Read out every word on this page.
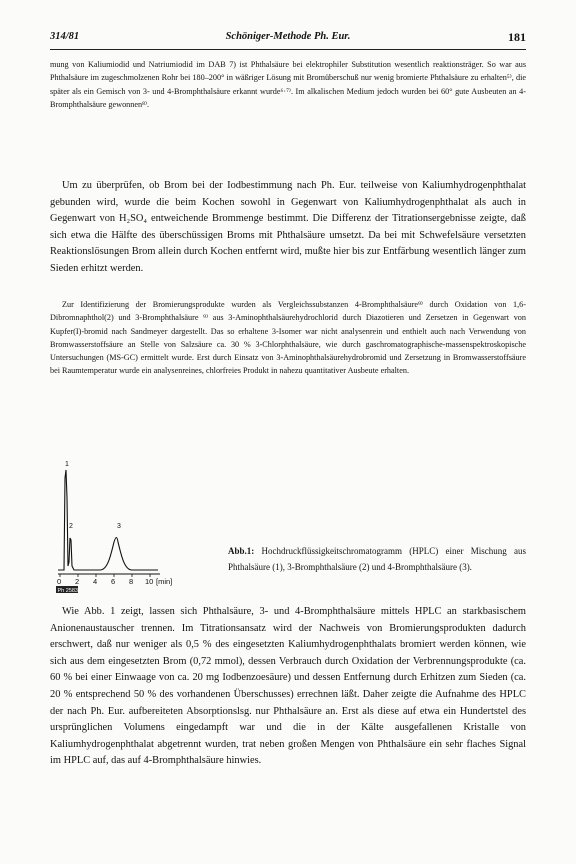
314/81	Schöniger-Methode Ph. Eur.	181

mung von Kaliumiodid und Natriumiodid im DAB 7) ist Phthalsäure bei elektrophiler Substitution wesentlich reaktionsträger. So war aus Phthalsäure im zugeschmolzenen Rohr bei 180–200° in wäßriger Lösung mit Bromüberschuß nur wenig bromierte Phthalsäure zu erhalten⁵⁾, die später als ein Gemisch von 3- und 4-Bromphthalsäure erkannt wurde⁶·⁷⁾. Im alkalischen Medium jedoch wurden bei 60° gute Ausbeuten an 4-Bromphthalsäure gewonnen⁸⁾.

Um zu überprüfen, ob Brom bei der Iodbestimmung nach Ph. Eur. teilweise von Kaliumhydrogenphthalat gebunden wird, wurde die beim Kochen sowohl in Gegenwart von Kaliumhydrogenphthalat als auch in Gegenwart von H₂SO₄ entweichende Brommenge bestimmt. Die Differenz der Titrationsergebnisse zeigte, daß sich etwa die Hälfte des überschüssigen Broms mit Phthalsäure umsetzt. Da bei mit Schwefelsäure versetzten Reaktionslösungen Brom allein durch Kochen entfernt wird, mußte hier bis zur Entfärbung wesentlich länger zum Sieden erhitzt werden.

Zur Identifizierung der Bromierungsprodukte wurden als Vergleichssubstanzen 4-Bromphthalsäure⁹⁾ durch Oxidation von 1,6-Dibromnaphthol(2) und 3-Bromphthalsäure ⁹⁾ aus 3-Aminophthalsäurehydrochlorid durch Diazotieren und Zersetzen in Gegenwart von Kupfer(I)-bromid nach Sandmeyer dargestellt. Das so erhaltene 3-Isomer war nicht analysenrein und enthielt auch nach Verwendung von Bromwasserstoffsäure an Stelle von Salzsäure ca. 30 % 3-Chlorphthalsäure, wie durch gaschromatographische-massenspektroskopische Untersuchungen (MS-GC) ermittelt wurde. Erst durch Einsatz von 3-Aminophthalsäurehydrobromid und Zersetzung in Bromwasserstoffsäure bei Raumtemperatur wurde ein analysenreines, chlorfreies Produkt in nahezu quantitativer Ausbeute erhalten.

1
2	3
0 2 4 6 8 10 [min]
Ph 2583

Abb.1: Hochdruckflüssigkeitschromatogramm (HPLC) einer Mischung aus Phthalsäure (1), 3-Bromphthalsäure (2) und 4-Bromphthalsäure (3).

Wie Abb. 1 zeigt, lassen sich Phthalsäure, 3- und 4-Bromphthalsäure mittels HPLC an starkbasischem Anionenaustauscher trennen. Im Titrationsansatz wird der Nachweis von Bromierungsprodukten dadurch erschwert, daß nur weniger als 0,5 % des eingesetzten Kaliumhydrogenphthalats bromiert werden können, wie sich aus dem eingesetzten Brom (0,72 mmol), dessen Verbrauch durch Oxidation der Verbrennungsprodukte (ca. 60 % bei einer Einwaage von ca. 20 mg Iodbenzoesäure) und dessen Entfernung durch Erhitzen zum Sieden (ca. 20 % entsprechend 50 % des vorhandenen Überschusses) errechnen läßt. Daher zeigte die Aufnahme des HPLC der nach Ph. Eur. aufbereiteten Absorptionslsg. nur Phthalsäure an. Erst als diese auf etwa ein Hundertstel des ursprünglichen Volumens eingedampft war und die in der Kälte ausgefallenen Kristalle von Kaliumhydrogenphthalat abgetrennt wurden, trat neben großen Mengen von Phthalsäure ein sehr flaches Signal im HPLC auf, das auf 4-Bromphthalsäure hinwies.
